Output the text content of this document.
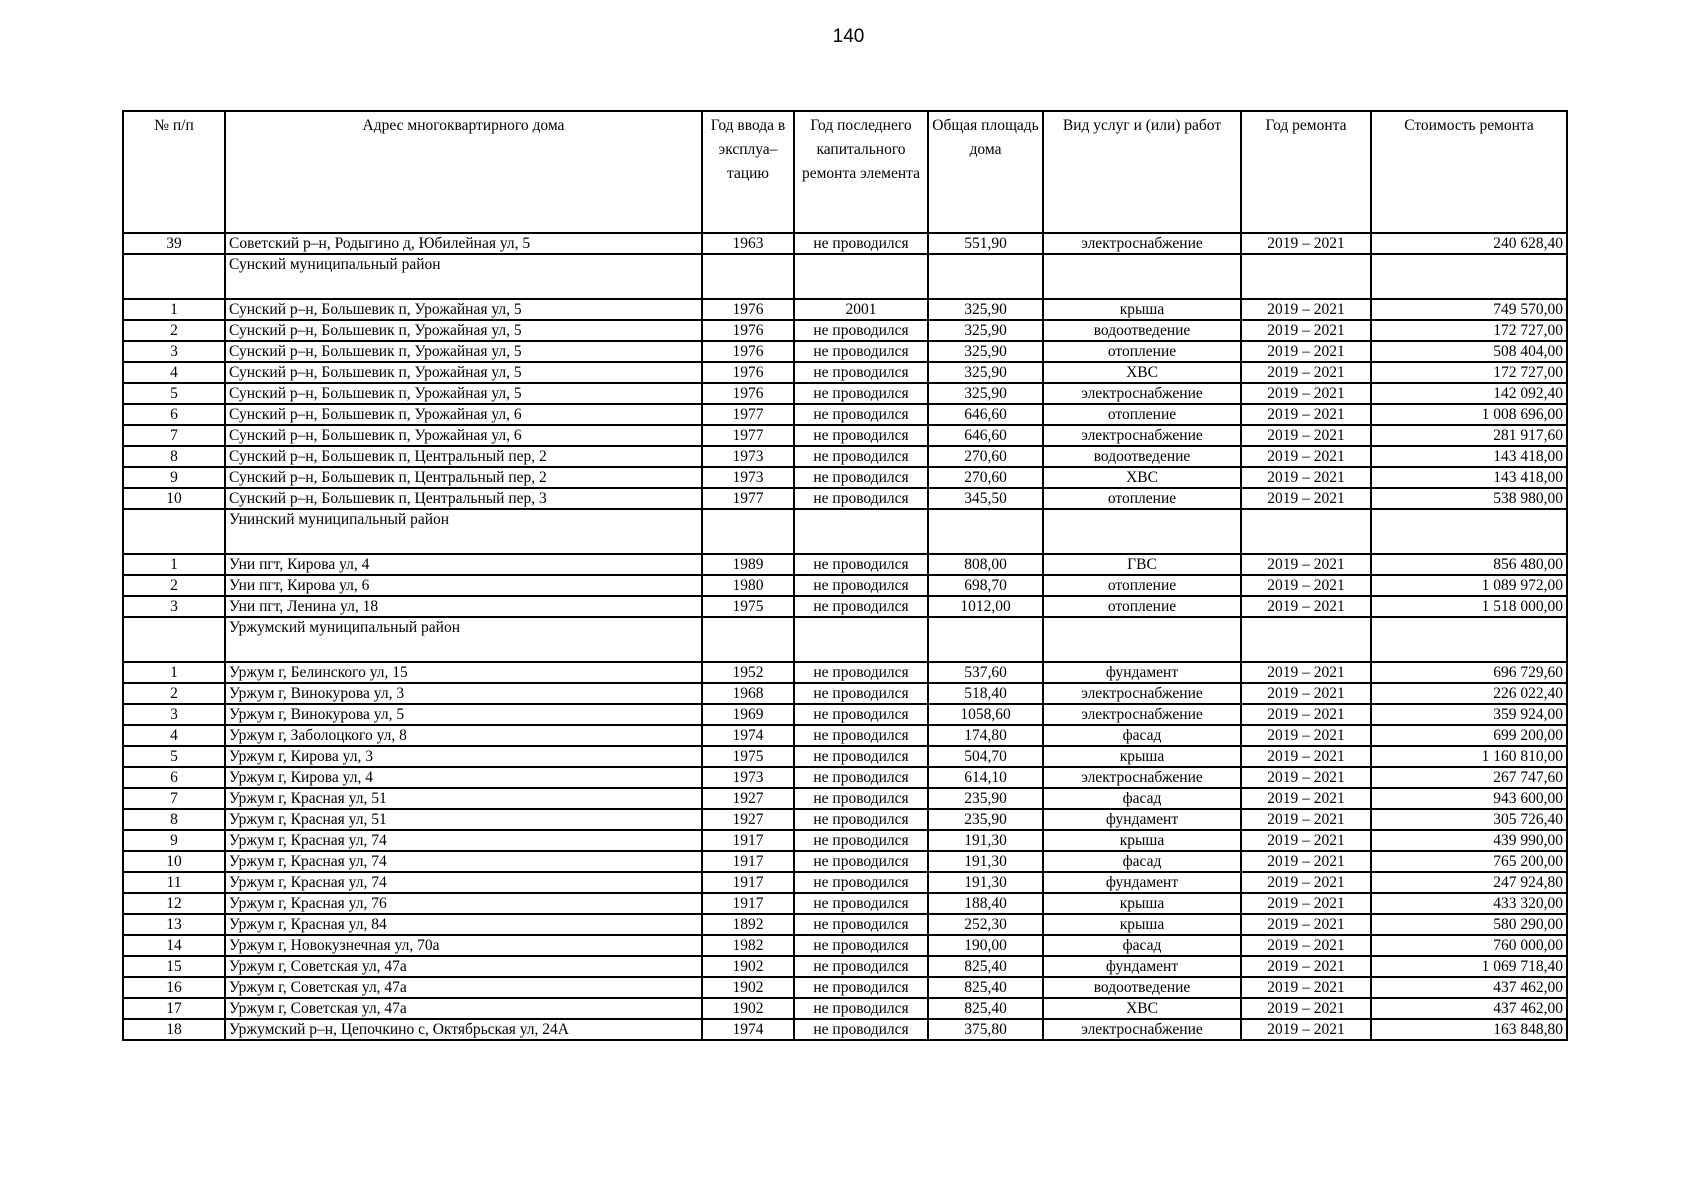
140
№ п/п	Адрес многоквартирного дома	Год ввода в эксплуа–тацию	Год последнего капитального ремонта элемента	Общая площадь дома	Вид услуг и (или) работ	Год ремонта	Стоимость ремонта
39	Советский р–н, Родыгино д, Юбилейная ул, 5	1963	не проводился	551,90	электроснабжение	2019 – 2021	240 628,40
	Сунский муниципальный район						
1	Сунский р–н, Большевик п, Урожайная ул, 5	1976	2001	325,90	крыша	2019 – 2021	749 570,00
2	Сунский р–н, Большевик п, Урожайная ул, 5	1976	не проводился	325,90	водоотведение	2019 – 2021	172 727,00
3	Сунский р–н, Большевик п, Урожайная ул, 5	1976	не проводился	325,90	отопление	2019 – 2021	508 404,00
4	Сунский р–н, Большевик п, Урожайная ул, 5	1976	не проводился	325,90	ХВС	2019 – 2021	172 727,00
5	Сунский р–н, Большевик п, Урожайная ул, 5	1976	не проводился	325,90	электроснабжение	2019 – 2021	142 092,40
6	Сунский р–н, Большевик п, Урожайная ул, 6	1977	не проводился	646,60	отопление	2019 – 2021	1 008 696,00
7	Сунский р–н, Большевик п, Урожайная ул, 6	1977	не проводился	646,60	электроснабжение	2019 – 2021	281 917,60
8	Сунский р–н, Большевик п, Центральный пер, 2	1973	не проводился	270,60	водоотведение	2019 – 2021	143 418,00
9	Сунский р–н, Большевик п, Центральный пер, 2	1973	не проводился	270,60	ХВС	2019 – 2021	143 418,00
10	Сунский р–н, Большевик п, Центральный пер, 3	1977	не проводился	345,50	отопление	2019 – 2021	538 980,00
	Унинский муниципальный район						
1	Уни пгт, Кирова ул, 4	1989	не проводился	808,00	ГВС	2019 – 2021	856 480,00
2	Уни пгт, Кирова ул, 6	1980	не проводился	698,70	отопление	2019 – 2021	1 089 972,00
3	Уни пгт, Ленина ул, 18	1975	не проводился	1012,00	отопление	2019 – 2021	1 518 000,00
	Уржумский муниципальный район						
1	Уржум г, Белинского ул, 15	1952	не проводился	537,60	фундамент	2019 – 2021	696 729,60
2	Уржум г, Винокурова ул, 3	1968	не проводился	518,40	электроснабжение	2019 – 2021	226 022,40
3	Уржум г, Винокурова ул, 5	1969	не проводился	1058,60	электроснабжение	2019 – 2021	359 924,00
4	Уржум г, Заболоцкого ул, 8	1974	не проводился	174,80	фасад	2019 – 2021	699 200,00
5	Уржум г, Кирова ул, 3	1975	не проводился	504,70	крыша	2019 – 2021	1 160 810,00
6	Уржум г, Кирова ул, 4	1973	не проводился	614,10	электроснабжение	2019 – 2021	267 747,60
7	Уржум г, Красная ул, 51	1927	не проводился	235,90	фасад	2019 – 2021	943 600,00
8	Уржум г, Красная ул, 51	1927	не проводился	235,90	фундамент	2019 – 2021	305 726,40
9	Уржум г, Красная ул, 74	1917	не проводился	191,30	крыша	2019 – 2021	439 990,00
10	Уржум г, Красная ул, 74	1917	не проводился	191,30	фасад	2019 – 2021	765 200,00
11	Уржум г, Красная ул, 74	1917	не проводился	191,30	фундамент	2019 – 2021	247 924,80
12	Уржум г, Красная ул, 76	1917	не проводился	188,40	крыша	2019 – 2021	433 320,00
13	Уржум г, Красная ул, 84	1892	не проводился	252,30	крыша	2019 – 2021	580 290,00
14	Уржум г, Новокузнечная ул, 70а	1982	не проводился	190,00	фасад	2019 – 2021	760 000,00
15	Уржум г, Советская ул, 47а	1902	не проводился	825,40	фундамент	2019 – 2021	1 069 718,40
16	Уржум г, Советская ул, 47а	1902	не проводился	825,40	водоотведение	2019 – 2021	437 462,00
17	Уржум г, Советская ул, 47а	1902	не проводился	825,40	ХВС	2019 – 2021	437 462,00
18	Уржумский р–н, Цепочкино с, Октябрьская ул, 24А	1974	не проводился	375,80	электроснабжение	2019 – 2021	163 848,80
